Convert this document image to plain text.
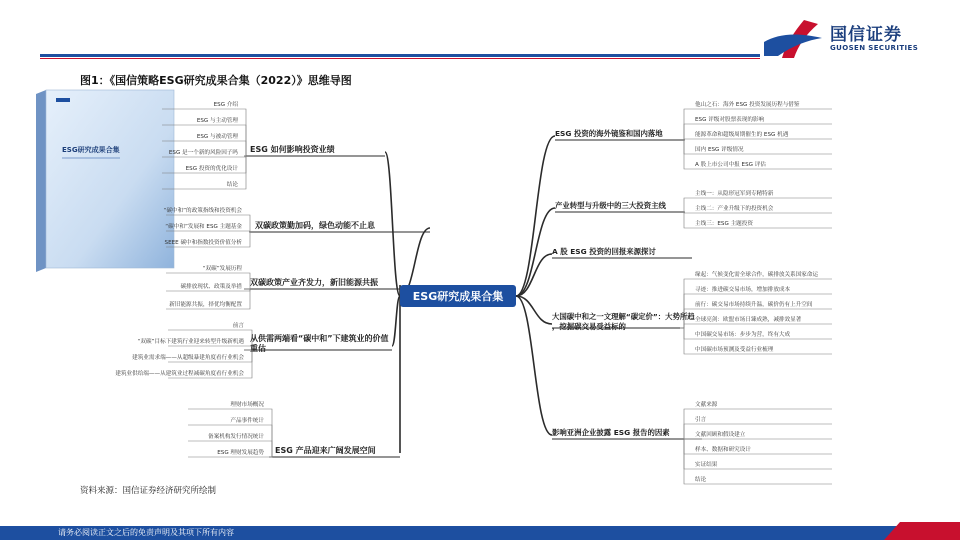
国信证券
GUOSEN SECURITIES
图1：《国信策略ESG研究成果合集（2022）》思维导图
ESG研究成果合集	ESG 如何影响投资业绩
ESG 介绍
ESG 与主动管理
ESG 与被动管理
ESG 是一个新的风险因子吗
ESG 投资的优化设计
结论
双碳政策勤加码，绿色动能不止息
“碳中和”的政策指线和投资机会
“碳中和”发展和 ESG 主题基金
SEEE 碳中和指数投资价值分析
双碳政策产业齐发力，新旧能源共振
“双碳”发展历程
碳排放现状、政策及举措
新旧能源共振，择优均衡配置
从供需两端看“碳中和”下建筑业的价值重估
前言
“双碳”目标下建筑行业迎来转型升级新机遇
建筑业需求端——从超级暴建角度看行业机会
建筑业供给端——从建筑业过程减碳角度看行业机会
ESG 产品迎来广阔发展空间
理财市场概况
产品事件统计
备案机构发行情况统计
ESG 理财发展趋势
ESG 投资的海外镜鉴和国内落地
他山之石：海外 ESG 投资发展历程与借鉴
ESG 评级对股票表现的影响
能源革命和超级周期催生的 ESG 机遇
国内 ESG 评级情况
A 股上市公司中报 ESG 评估
产业转型与升级中的三大投资主线
主线一：从隐形冠军到专精特新
主线二：产业升级下的投资机会
主线三：ESG 主题投资
A 股 ESG 投资的回报来源探讨
大国碳中和之一文理解“碳定价”：大势所趋，挖掘碳交易受益标的
缘起：气候变化需全球合作，碳排放关系国家命运
寻迹：推进碳交易市场，增加排放成本
前行：碳交易市场持续升温，碳价仍有上升空间
全球亮剑：欧盟市场日臻成熟，减排效显著
中国碳交易市场：步步为营，终有大成
中国碳市场预测及受益行业梳理
影响亚洲企业披露 ESG 报告的因素
文献来源
引言
文献回顾和假设建立
样本、数据和研究设计
实证结果
结论
ESG研究成果合集
资料来源：国信证券经济研究所绘制
请务必阅读正文之后的免责声明及其项下所有内容
